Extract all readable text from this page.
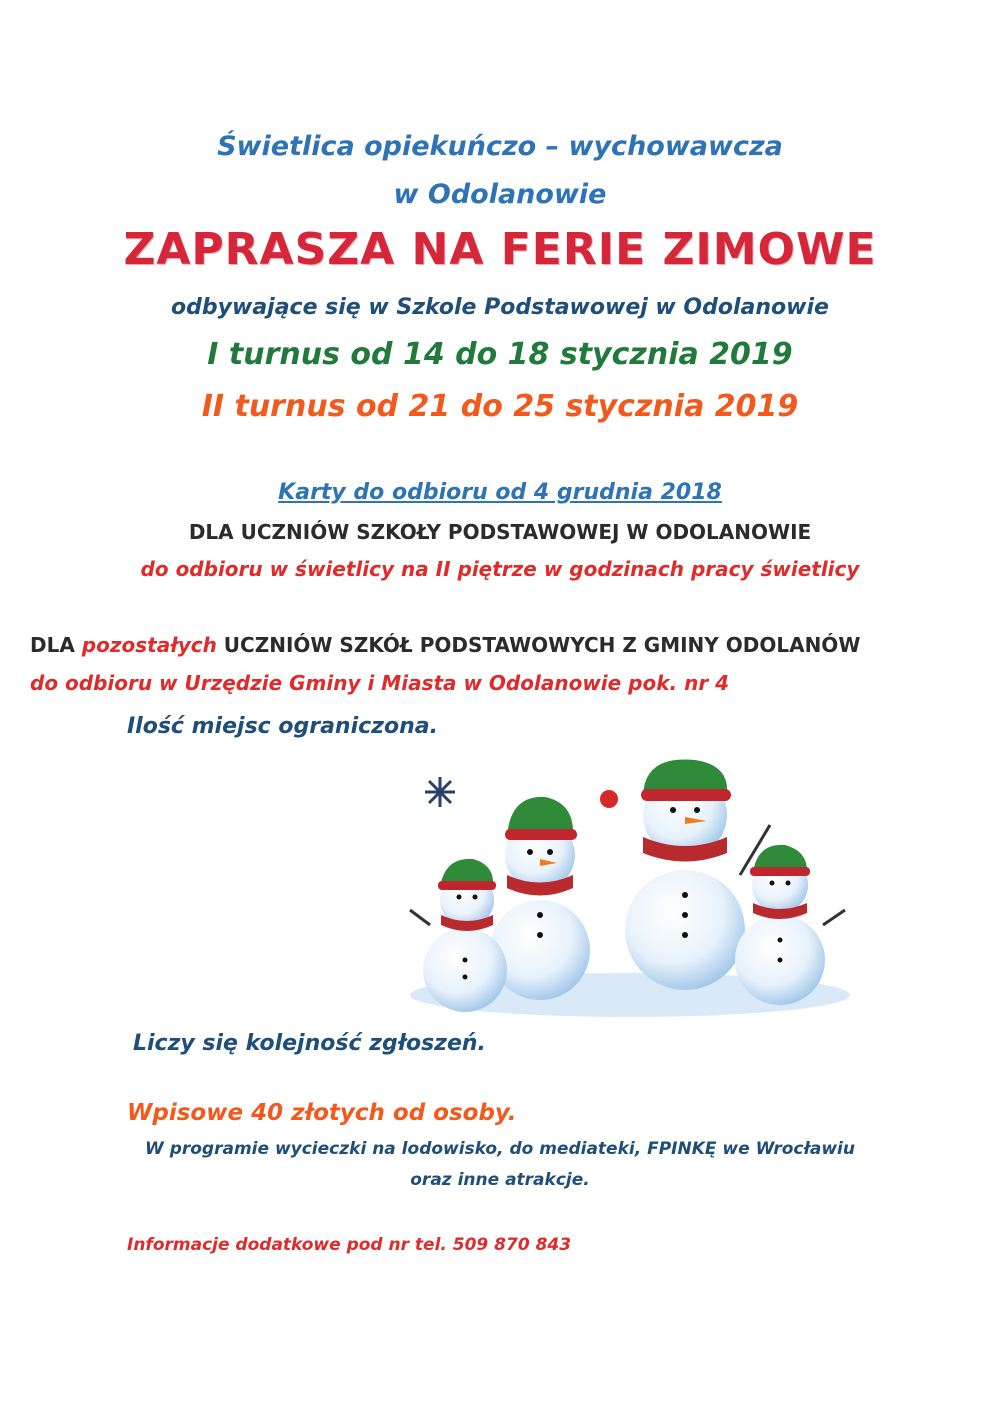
Świetlica opiekuńczo – wychowawcza
w Odolanowie
ZAPRASZA NA FERIE ZIMOWE
odbywające się w Szkole Podstawowej w Odolanowie
I turnus od 14 do 18 stycznia 2019
II turnus od 21 do 25 stycznia 2019
Karty do odbioru od 4 grudnia 2018
DLA UCZNIÓW SZKOŁY PODSTAWOWEJ W ODOLANOWIE
do odbioru w świetlicy na II piętrze w godzinach pracy świetlicy
DLA pozostałych UCZNIÓW SZKÓŁ PODSTAWOWYCH Z GMINY ODOLANÓW
do odbioru w Urzędzie Gminy i Miasta w Odolanowie pok. nr 4
Ilość miejsc ograniczona.
Liczy się kolejność zgłoszeń.
Wpisowe 40 złotych od osoby.
W programie wycieczki na lodowisko, do mediateki, FPINKĘ we Wrocławiu
oraz inne atrakcje.
Informacje dodatkowe pod nr tel. 509 870 843
